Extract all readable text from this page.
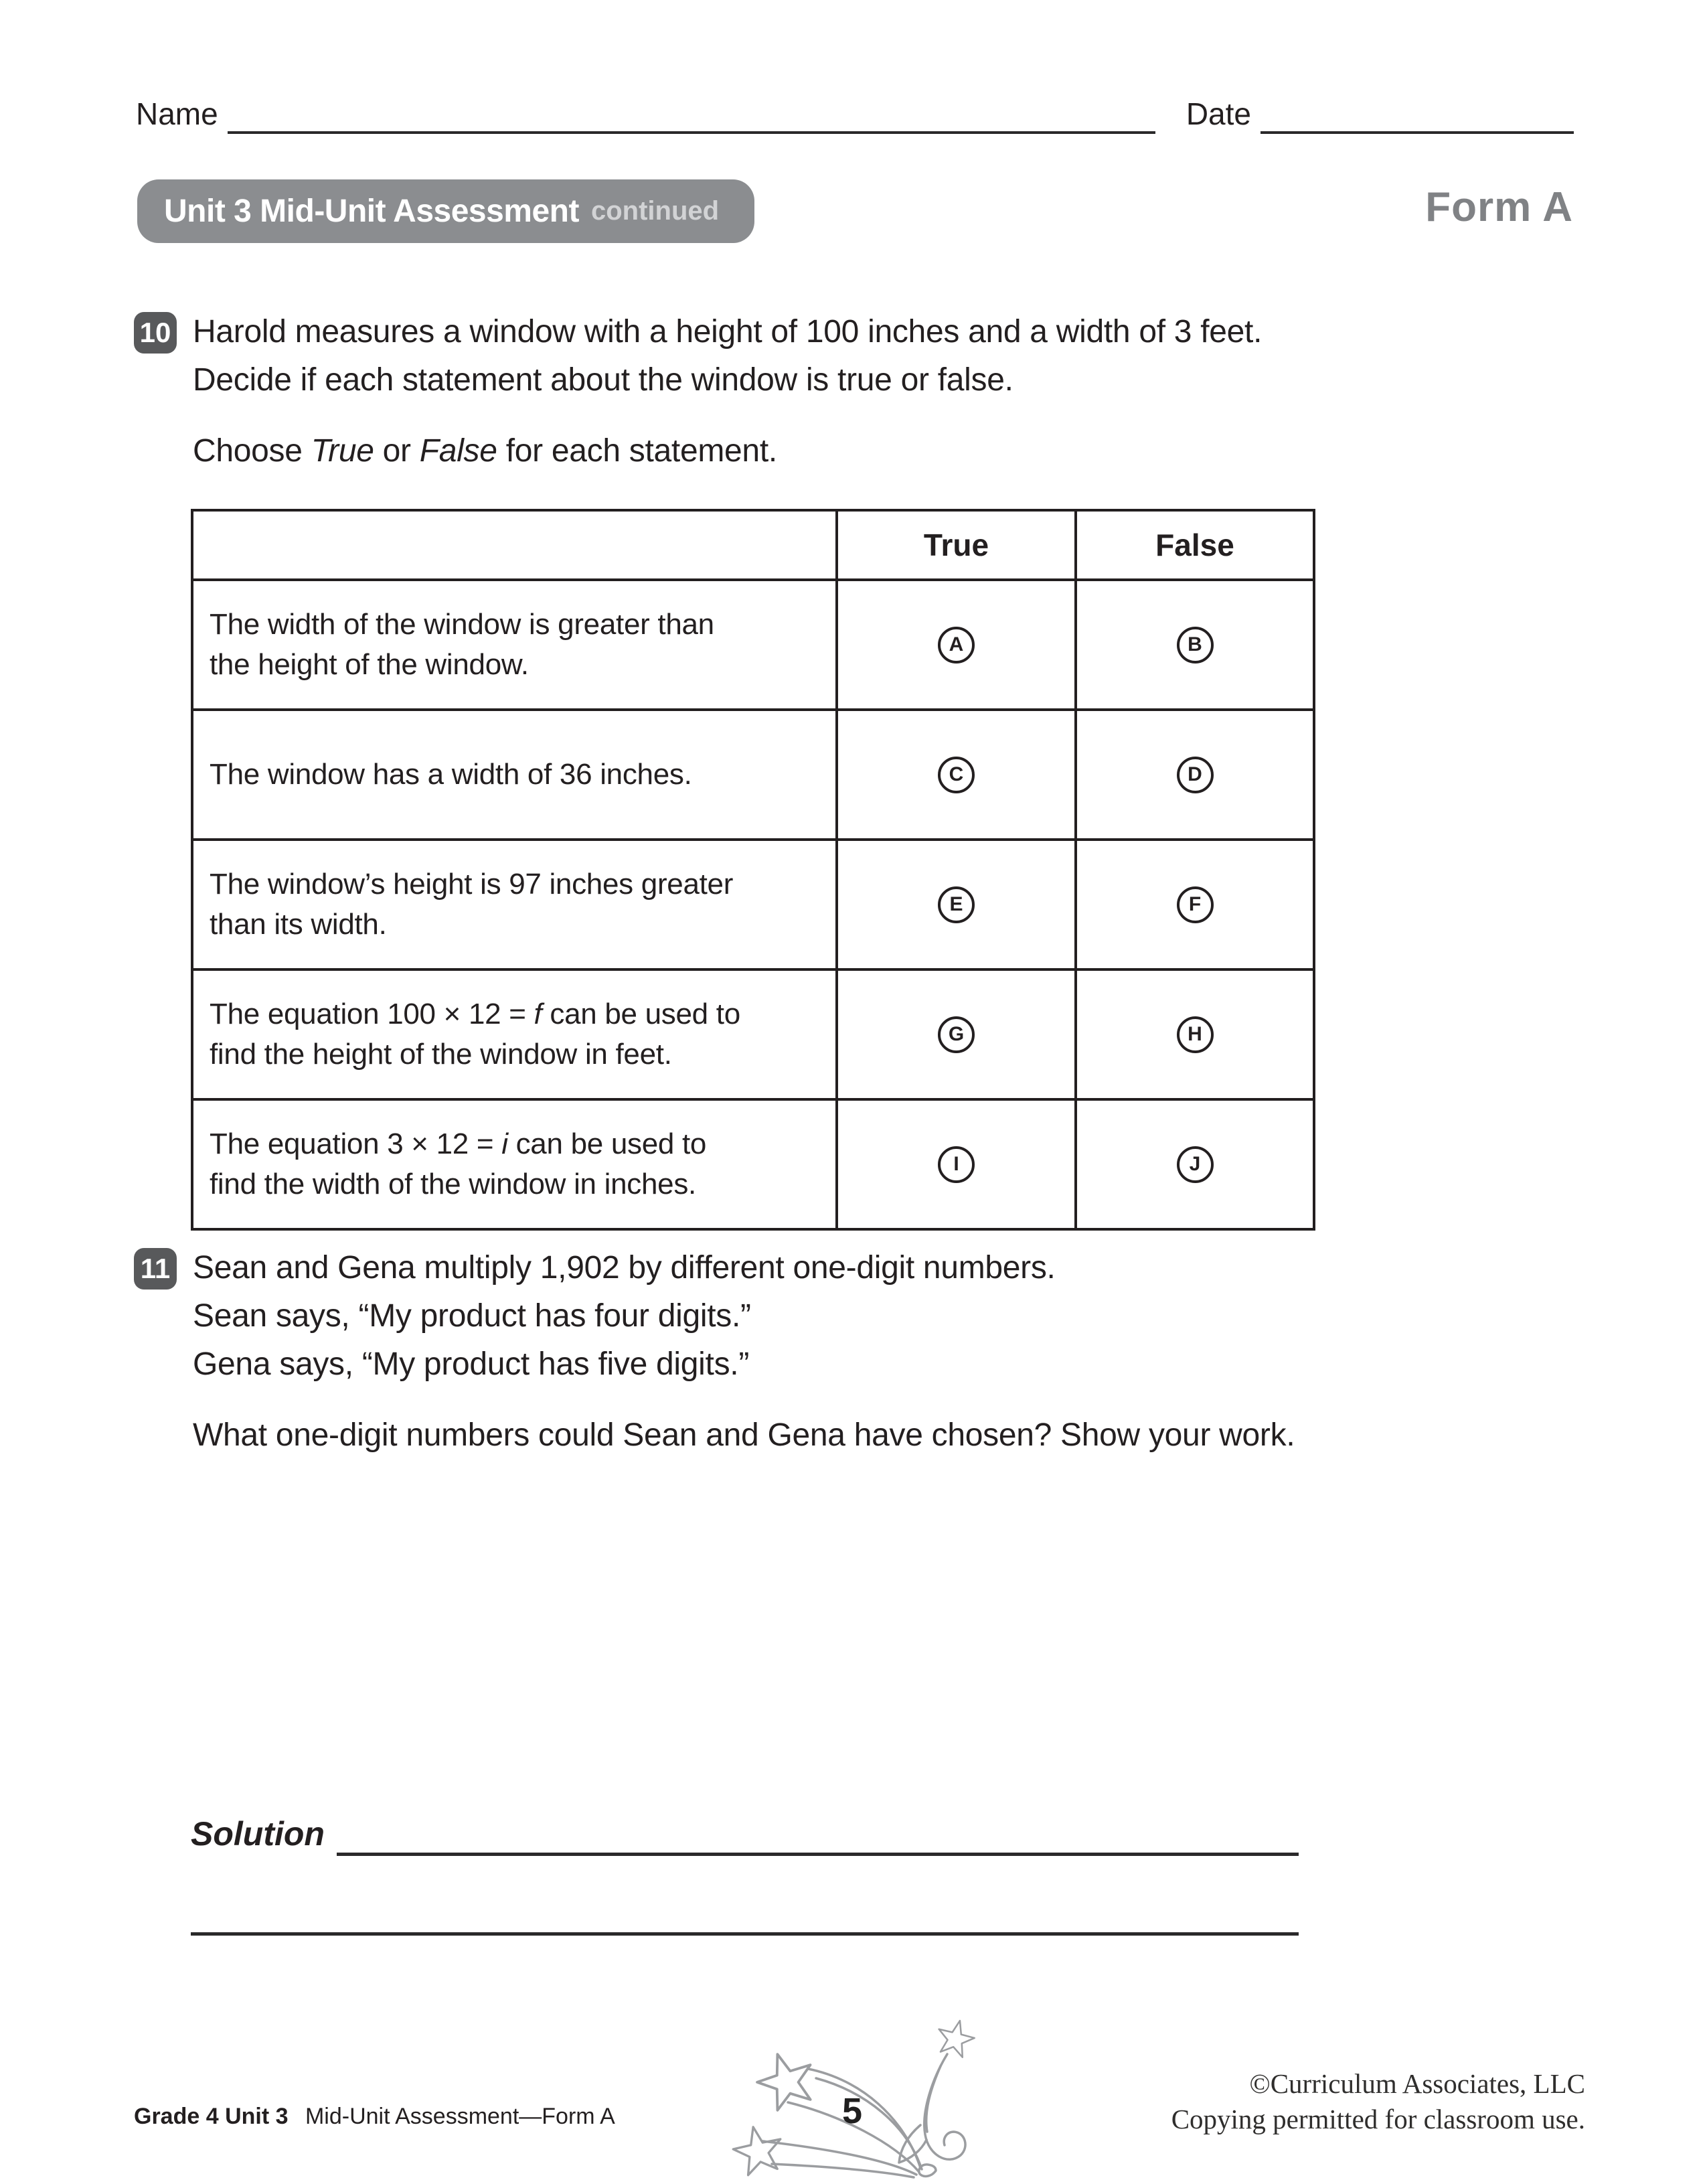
Name	Date
Unit 3 Mid-Unit Assessment continued	Form A
10 Harold measures a window with a height of 100 inches and a width of 3 feet.

Decide if each statement about the window is true or false.

Choose True or False for each statement.

	True	False
The width of the window is greater than
the height of the window.	A	B

The window has a width of 36 inches.	C	D

The window’s height is 97 inches greater
than its width.	E	F

The equation 100 × 12 = f can be used to
find the height of the window in feet.	G	H

The equation 3 × 12 = i can be used to
find the width of the window in inches.	I	J
11 Sean and Gena multiply 1,902 by different one-digit numbers.

Sean says, “My product has four digits.”

Gena says, “My product has five digits.”

What one-digit numbers could Sean and Gena have chosen? Show your work.

Solution
Grade 4 Unit 3 Mid-Unit Assessment—Form A	5
©Curriculum Associates, LLC
Copying permitted for classroom use.
